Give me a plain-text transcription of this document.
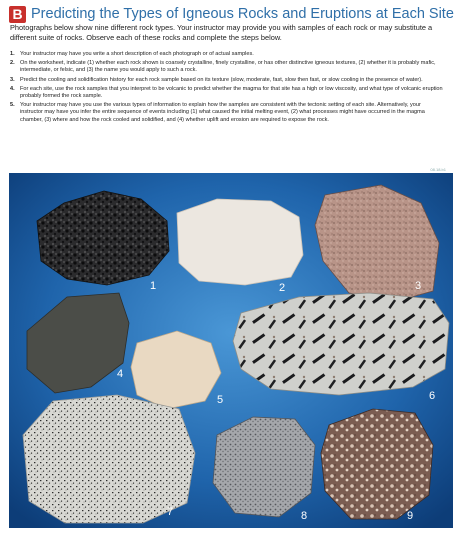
B Predicting the Types of Igneous Rocks and Eruptions at Each Site
Photographs below show nine different rock types. Your instructor may provide you with samples of each rock or may substitute a different suite of rocks. Observe each of these rocks and complete the steps below.
1. Your instructor may have you write a short description of each photograph or of actual samples.
2. On the worksheet, indicate (1) whether each rock shown is coarsely crystalline, finely crystalline, or has other distinctive igneous textures, (2) whether it is probably mafic, intermediate, or felsic, and (3) the name you would apply to such a rock.
3. Predict the cooling and solidification history for each rock sample based on its texture (slow, moderate, fast, slow then fast, or slow cooling in the presence of water).
4. For each site, use the rock samples that you interpret to be volcanic to predict whether the magma for that site has a high or low viscosity, and what type of volcanic eruption probably formed the rock sample.
5. Your instructor may have you use the various types of information to explain how the samples are consistent with the tectonic setting of each site. Alternatively, your instructor may have you infer the entire sequence of events including (1) what caused the initial melting event, (2) what processes might have occurred in the magma chamber, (3) where and how the rock cooled and solidified, and (4) whether uplift and erosion are required to expose the rock.
08.18.b1
1	2	3
4
5	6
7	8	9
